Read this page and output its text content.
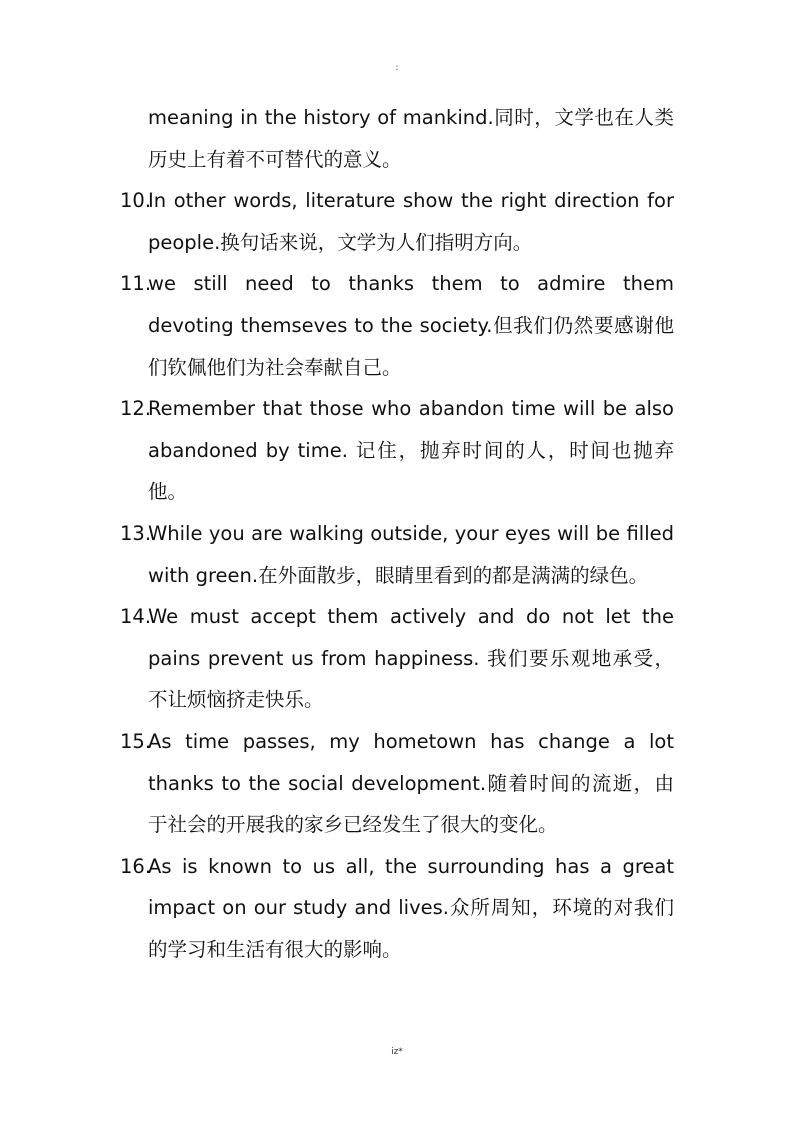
:
meaning in the history of mankind.同时，文学也在人类历史上有着不可替代的意义。
10.
In other words, literature show the right direction for people.换句话来说，文学为人们指明方向。
11.
we still need to thanks them to admire them devoting themseves to the society.但我们仍然要感谢他们钦佩他们为社会奉献自己。
12.
Remember that those who abandon time will be also abandoned by time. 记住，抛弃时间的人，时间也抛弃他。
13.
While you are walking outside, your eyes will be filled with green.在外面散步，眼睛里看到的都是满满的绿色。
14.
We must accept them actively and do not let the pains prevent us from happiness. 我们要乐观地承受，不让烦恼挤走快乐。
15.
As time passes, my hometown has change a lot thanks to the social development.随着时间的流逝，由于社会的开展我的家乡已经发生了很大的变化。
16.
As is known to us all, the surrounding has a great impact on our study and lives.众所周知，环境的对我们的学习和生活有很大的影响。
iz*
